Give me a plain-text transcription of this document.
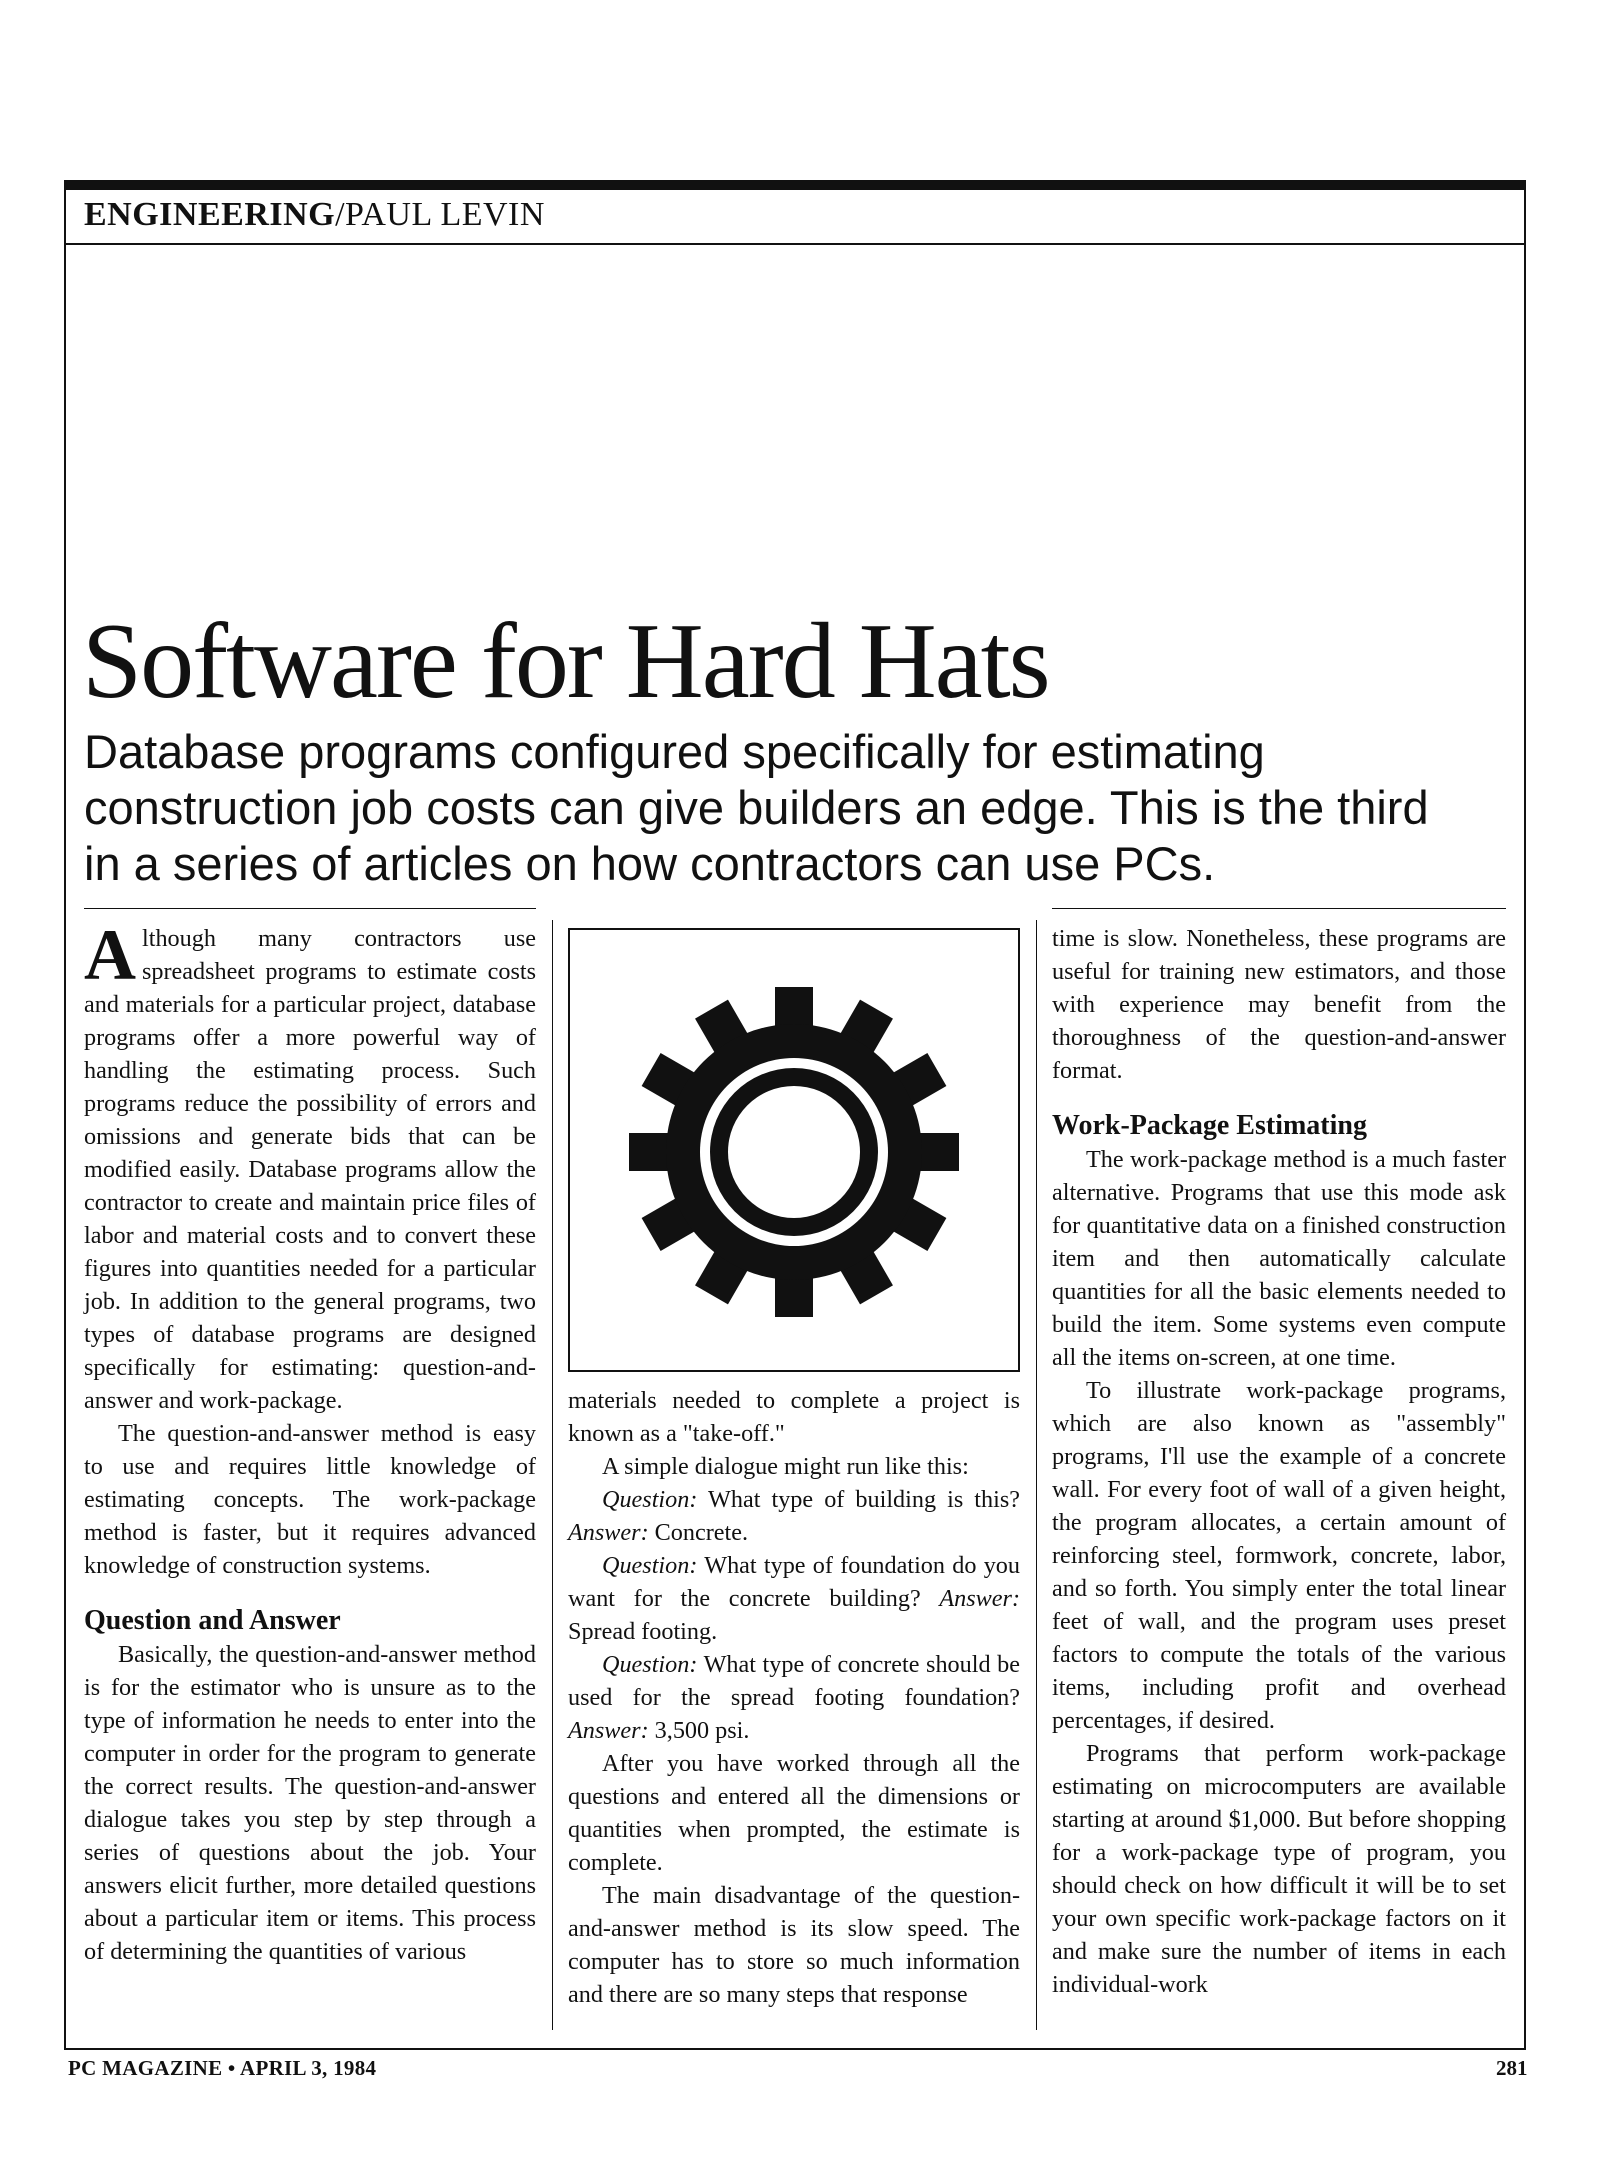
ENGINEERING/PAUL LEVIN
Software for Hard Hats
Database programs configured specifically for estimating construction job costs can give builders an edge. This is the third in a series of articles on how contractors can use PCs.

Although many contractors use spreadsheet programs to estimate costs and materials for a particular project, database programs offer a more powerful way of handling the estimating process. Such programs reduce the possibility of errors and omissions and generate bids that can be modified easily. Database programs allow the contractor to create and maintain price files of labor and material costs and to convert these figures into quantities needed for a particular job. In addition to the general programs, two types of database programs are designed specifically for estimating: question-and-answer and work-package.

The question-and-answer method is easy to use and requires little knowledge of estimating concepts. The work-package method is faster, but it requires advanced knowledge of construction systems.

Question and Answer

Basically, the question-and-answer method is for the estimator who is unsure as to the type of information he needs to enter into the computer in order for the program to generate the correct results. The question-and-answer dialogue takes you step by step through a series of questions about the job. Your answers elicit further, more detailed questions about a particular item or items. This process of determining the quantities of various

materials needed to complete a project is known as a "take-off."

A simple dialogue might run like this:

Question: What type of building is this? Answer: Concrete.

Question: What type of foundation do you want for the concrete building? Answer: Spread footing.

Question: What type of concrete should be used for the spread footing foundation? Answer: 3,500 psi.

After you have worked through all the questions and entered all the dimensions or quantities when prompted, the estimate is complete.

The main disadvantage of the question-and-answer method is its slow speed. The computer has to store so much information and there are so many steps that response

time is slow. Nonetheless, these programs are useful for training new estimators, and those with experience may benefit from the thoroughness of the question-and-answer format.

Work-Package Estimating

The work-package method is a much faster alternative. Programs that use this mode ask for quantitative data on a finished construction item and then automatically calculate quantities for all the basic elements needed to build the item. Some systems even compute all the items on-screen, at one time.

To illustrate work-package programs, which are also known as "assembly" programs, I'll use the example of a concrete wall. For every foot of wall of a given height, the program allocates, a certain amount of reinforcing steel, formwork, concrete, labor, and so forth. You simply enter the total linear feet of wall, and the program uses preset factors to compute the totals of the various items, including profit and overhead percentages, if desired.

Programs that perform work-package estimating on microcomputers are available starting at around $1,000. But before shopping for a work-package type of program, you should check on how difficult it will be to set your own specific work-package factors on it and make sure the number of items in each individual-work

PC MAGAZINE • APRIL 3, 1984	281
